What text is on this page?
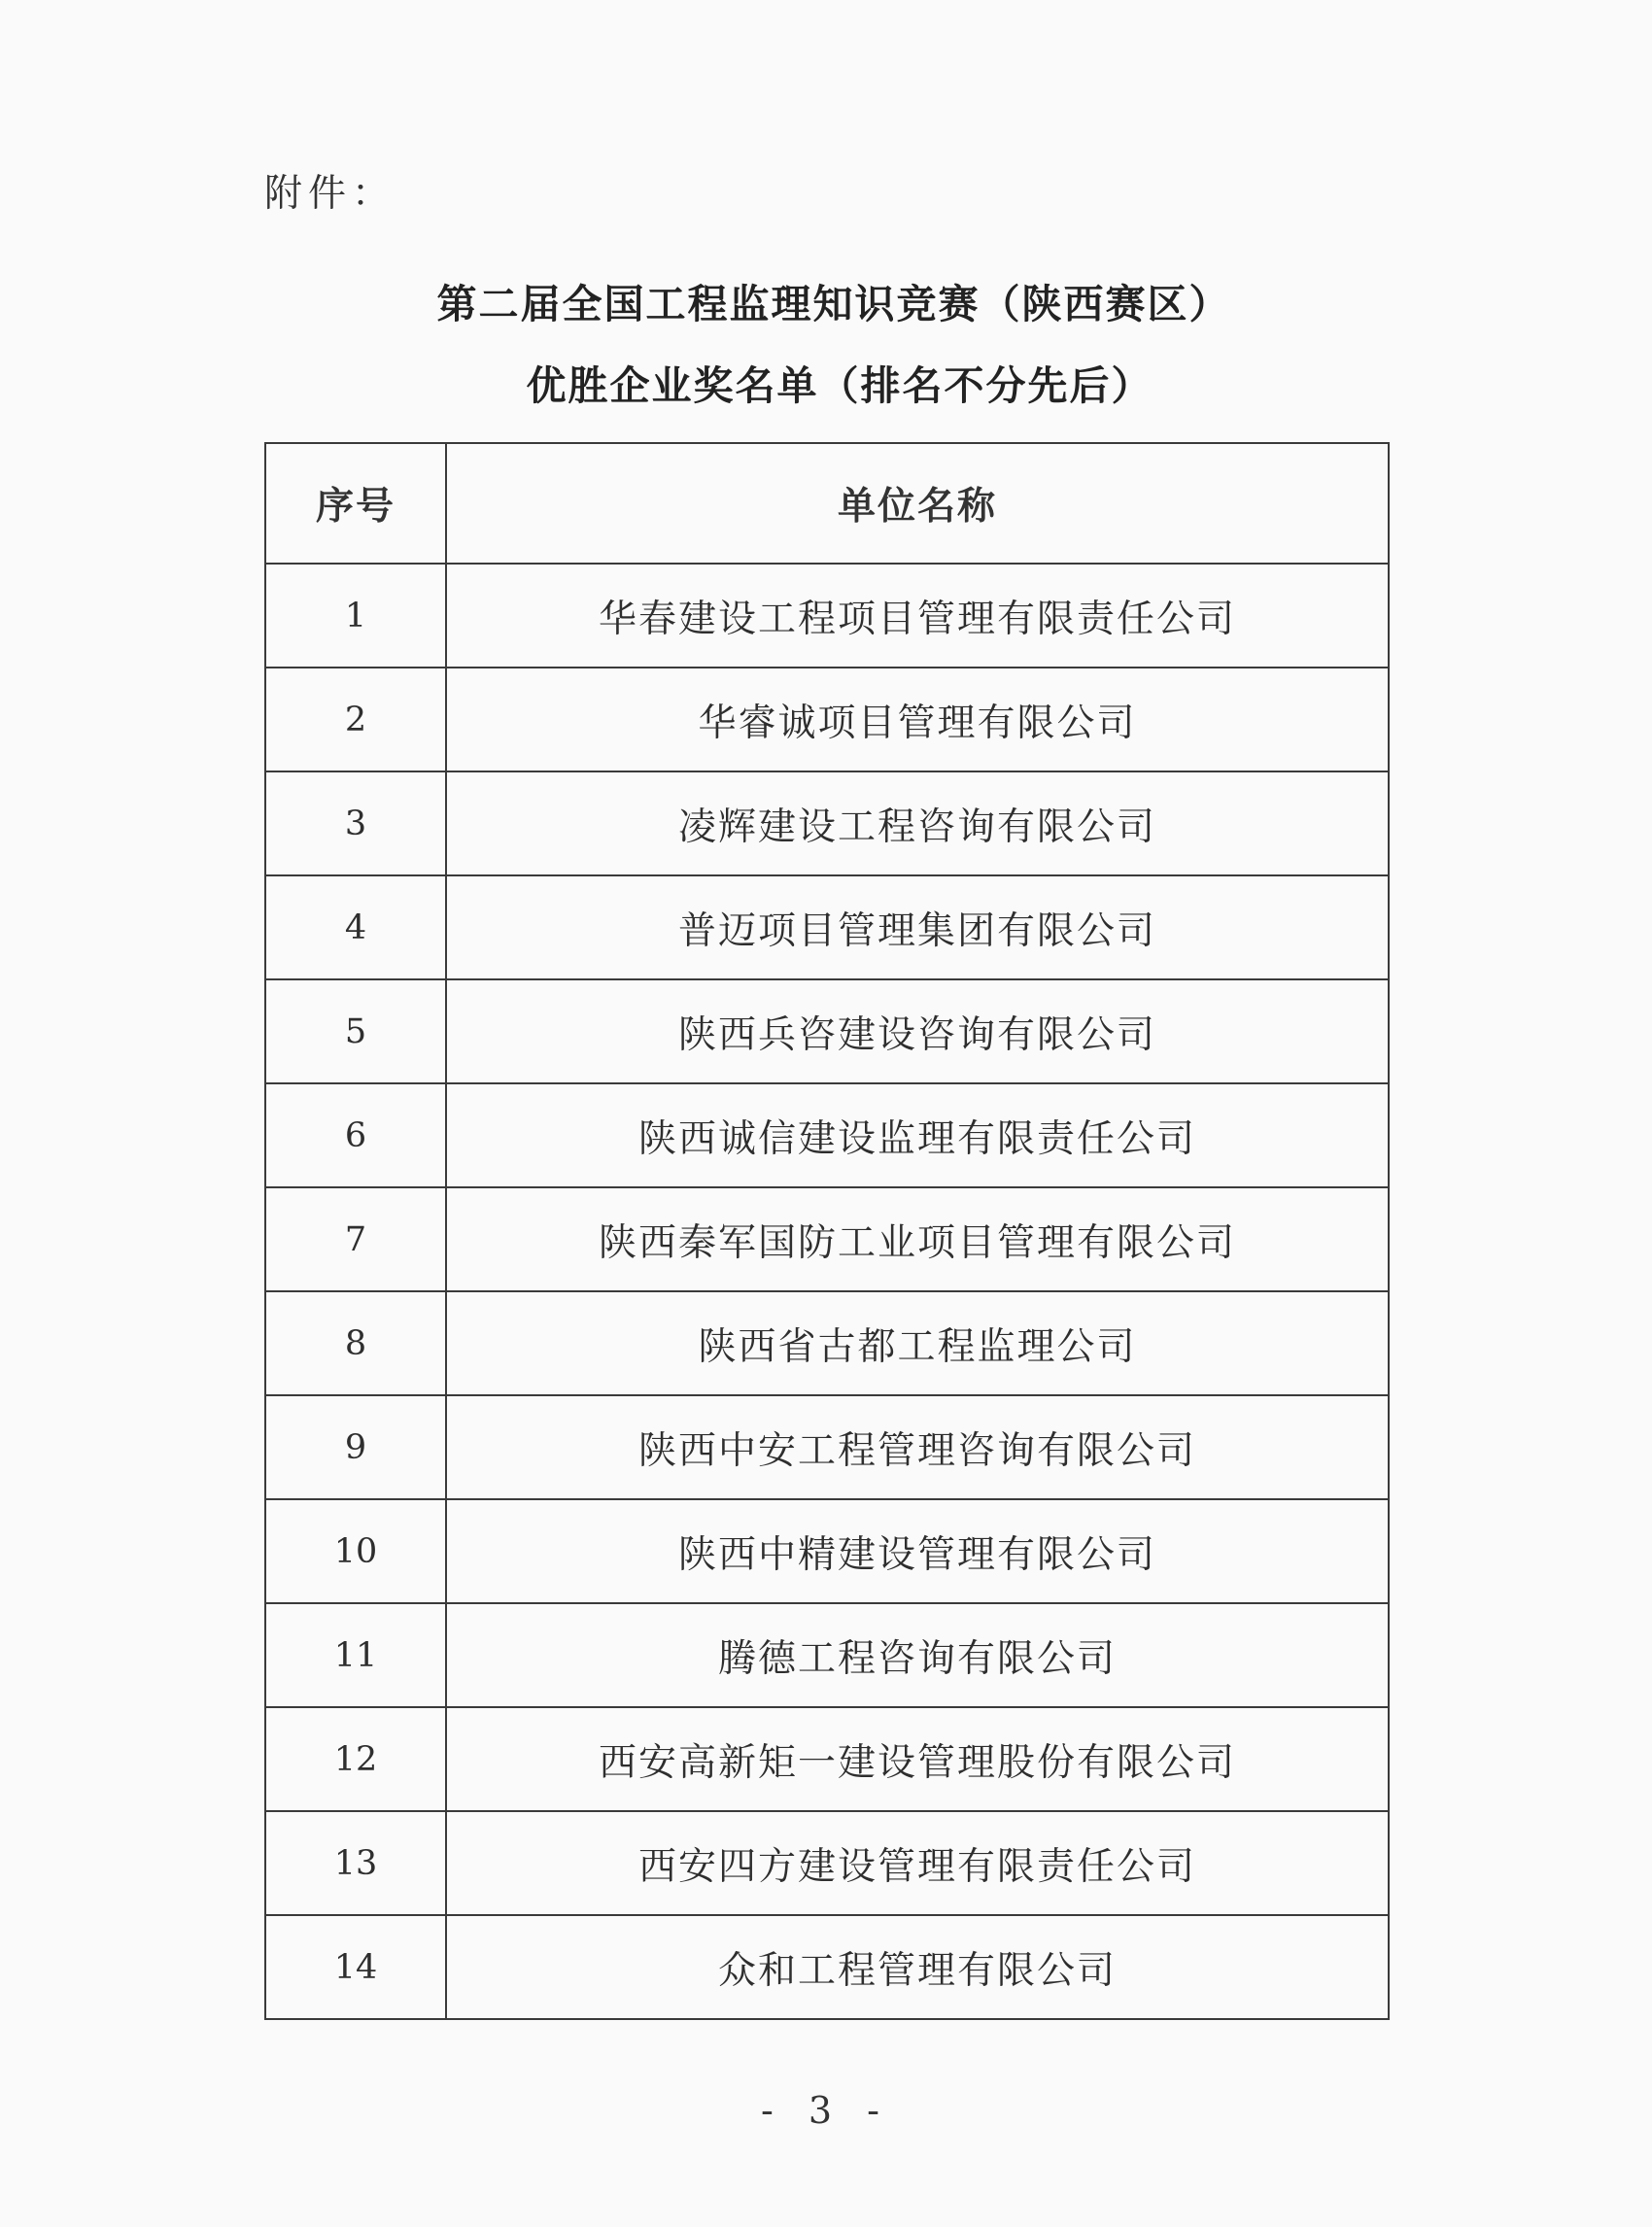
附件：
第二届全国工程监理知识竞赛（陕西赛区）
优胜企业奖名单（排名不分先后）
序号	单位名称
1	华春建设工程项目管理有限责任公司
2	华睿诚项目管理有限公司
3	凌辉建设工程咨询有限公司
4	普迈项目管理集团有限公司
5	陕西兵咨建设咨询有限公司
6	陕西诚信建设监理有限责任公司
7	陕西秦军国防工业项目管理有限公司
8	陕西省古都工程监理公司
9	陕西中安工程管理咨询有限公司
10	陕西中精建设管理有限公司
11	腾德工程咨询有限公司
12	西安高新矩一建设管理股份有限公司
13	西安四方建设管理有限责任公司
14	众和工程管理有限公司
- 3 -
